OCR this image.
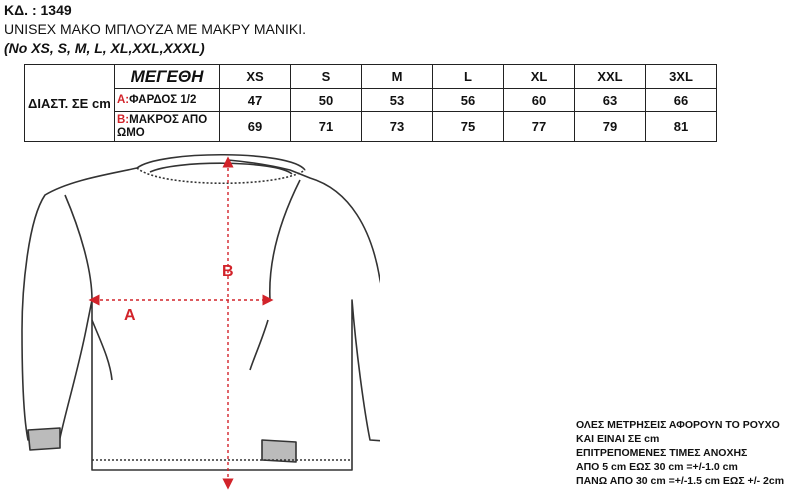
ΚΔ. : 1349
UNISEX ΜΑΚΟ ΜΠΛΟΥΖΑ ΜΕ ΜΑΚΡΥ ΜΑΝΙΚΙ.
(No XS, S, M, L, XL,XXL,XXXL)
ΔΙΑΣΤ. ΣΕ cm	ΜΕΓΕΘΗ	XS	S	M	L	XL	XXL	3XL
	A:ΦΑΡΔΟΣ 1/2	47	50	53	56	60	63	66
	B:ΜΑΚΡΟΣ ΑΠΟ ΩΜΟ	69	71	73	75	77	79	81
A
B
ΟΛΕΣ ΜΕΤΡΗΣΕΙΣ ΑΦΟΡΟΥΝ ΤΟ ΡΟΥΧΟ
ΚΑΙ ΕΙΝΑΙ ΣΕ cm
ΕΠΙΤΡΕΠΟΜΕΝΕΣ ΤΙΜΕΣ ΑΝΟΧΗΣ
ΑΠΟ 5 cm ΕΩΣ 30 cm =+/-1.0 cm
ΠΑΝΩ ΑΠΟ 30 cm =+/-1.5 cm ΕΩΣ +/- 2cm
